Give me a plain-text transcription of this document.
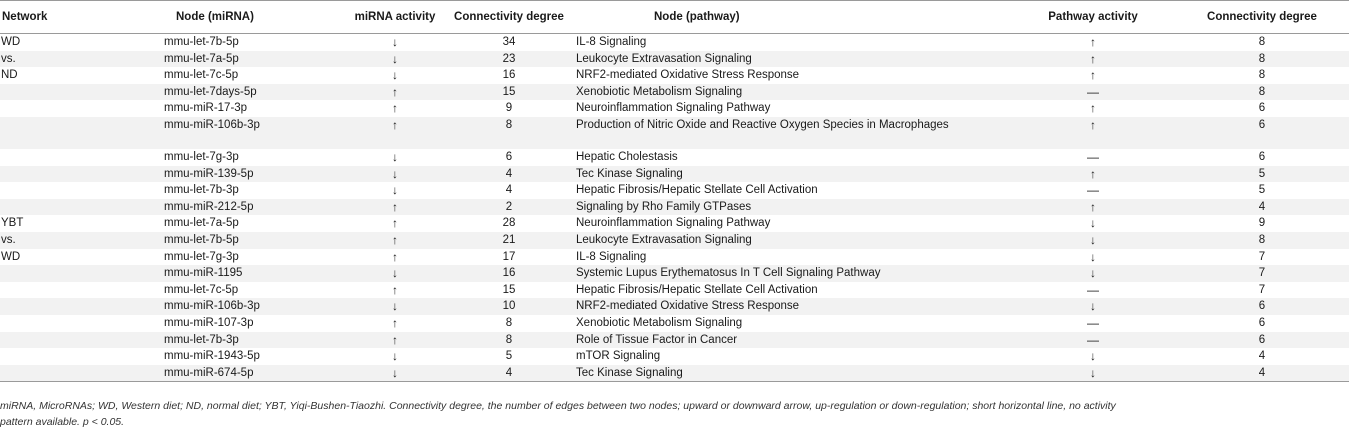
Network	Node (miRNA)	miRNA activity	Connectivity degree	Node (pathway)	Pathway activity	Connectivity degree
WD	mmu-let-7b-5p	↓	34	IL-8 Signaling	↑	8
vs.	mmu-let-7a-5p	↓	23	Leukocyte Extravasation Signaling	↑	8
ND	mmu-let-7c-5p	↓	16	NRF2-mediated Oxidative Stress Response	↑	8
	mmu-let-7days-5p	↑	15	Xenobiotic Metabolism Signaling	—	8
	mmu-miR-17-3p	↑	9	Neuroinflammation Signaling Pathway	↑	6
	mmu-miR-106b-3p	↑	8	Production of Nitric Oxide and Reactive Oxygen Species in Macrophages	↑	6
	mmu-let-7g-3p	↓	6	Hepatic Cholestasis	—	6
	mmu-miR-139-5p	↓	4	Tec Kinase Signaling	↑	5
	mmu-let-7b-3p	↓	4	Hepatic Fibrosis/Hepatic Stellate Cell Activation	—	5
	mmu-miR-212-5p	↑	2	Signaling by Rho Family GTPases	↑	4
YBT	mmu-let-7a-5p	↑	28	Neuroinflammation Signaling Pathway	↓	9
vs.	mmu-let-7b-5p	↑	21	Leukocyte Extravasation Signaling	↓	8
WD	mmu-let-7g-3p	↑	17	IL-8 Signaling	↓	7
	mmu-miR-1195	↓	16	Systemic Lupus Erythematosus In T Cell Signaling Pathway	↓	7
	mmu-let-7c-5p	↑	15	Hepatic Fibrosis/Hepatic Stellate Cell Activation	—	7
	mmu-miR-106b-3p	↓	10	NRF2-mediated Oxidative Stress Response	↓	6
	mmu-miR-107-3p	↑	8	Xenobiotic Metabolism Signaling	—	6
	mmu-let-7b-3p	↑	8	Role of Tissue Factor in Cancer	—	6
	mmu-miR-1943-5p	↓	5	mTOR Signaling	↓	4
	mmu-miR-674-5p	↓	4	Tec Kinase Signaling	↓	4
miRNA, MicroRNAs; WD, Western diet; ND, normal diet; YBT, Yiqi-Bushen-Tiaozhi. Connectivity degree, the number of edges between two nodes; upward or downward arrow, up-regulation or down-regulation; short horizontal line, no activity pattern available. p < 0.05.
